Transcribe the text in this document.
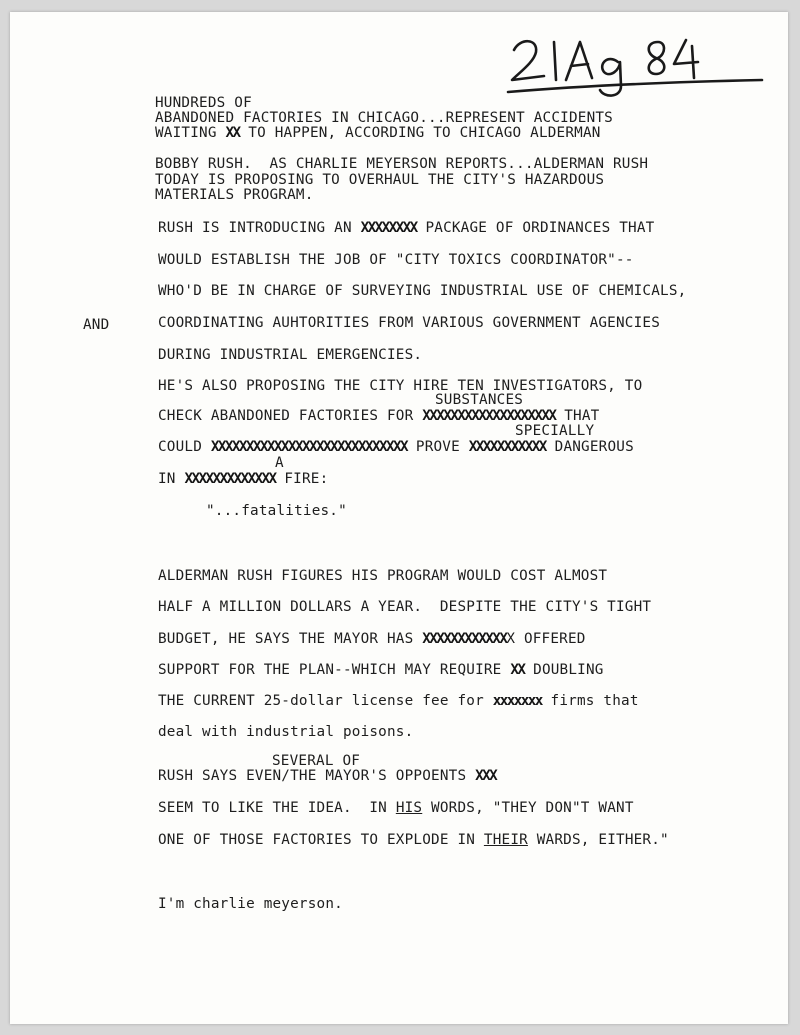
HUNDREDS OF
ABANDONED FACTORIES IN CHICAGO...REPRESENT ACCIDENTS
WAITING XX TO HAPPEN, ACCORDING TO CHICAGO ALDERMAN
BOBBY RUSH.  AS CHARLIE MEYERSON REPORTS...ALDERMAN RUSH
TODAY IS PROPOSING TO OVERHAUL THE CITY'S HAZARDOUS
MATERIALS PROGRAM.
RUSH IS INTRODUCING AN XXXXXXXX PACKAGE OF ORDINANCES THAT
WOULD ESTABLISH THE JOB OF "CITY TOXICS COORDINATOR"--
WHO'D BE IN CHARGE OF SURVEYING INDUSTRIAL USE OF CHEMICALS,
AND	COORDINATING AUHTORITIES FROM VARIOUS GOVERNMENT AGENCIES
DURING INDUSTRIAL EMERGENCIES.
HE'S ALSO PROPOSING THE CITY HIRE TEN INVESTIGATORS, TO
SUBSTANCES
CHECK ABANDONED FACTORIES FOR XXXXXXXXXXXXXXXXXXX THAT
SPECIALLY
COULD XXXXXXXXXXXXXXXXXXXXXXXXXXXX PROVE XXXXXXXXXXX DANGEROUS
A
IN XXXXXXXXXXXXX FIRE:
"...fatalities."
ALDERMAN RUSH FIGURES HIS PROGRAM WOULD COST ALMOST
HALF A MILLION DOLLARS A YEAR.  DESPITE THE CITY'S TIGHT
BUDGET, HE SAYS THE MAYOR HAS XXXXXXXXXXXXX OFFERED
SUPPORT FOR THE PLAN--WHICH MAY REQUIRE XX DOUBLING
THE CURRENT 25-dollar license fee for xxxxxxx firms that
deal with industrial poisons.
SEVERAL OF
RUSH SAYS EVEN/THE MAYOR'S OPPOENTS XXX
SEEM TO LIKE THE IDEA.  IN HIS WORDS, "THEY DON"T WANT
ONE OF THOSE FACTORIES TO EXPLODE IN THEIR WARDS, EITHER."
I'm charlie meyerson.
